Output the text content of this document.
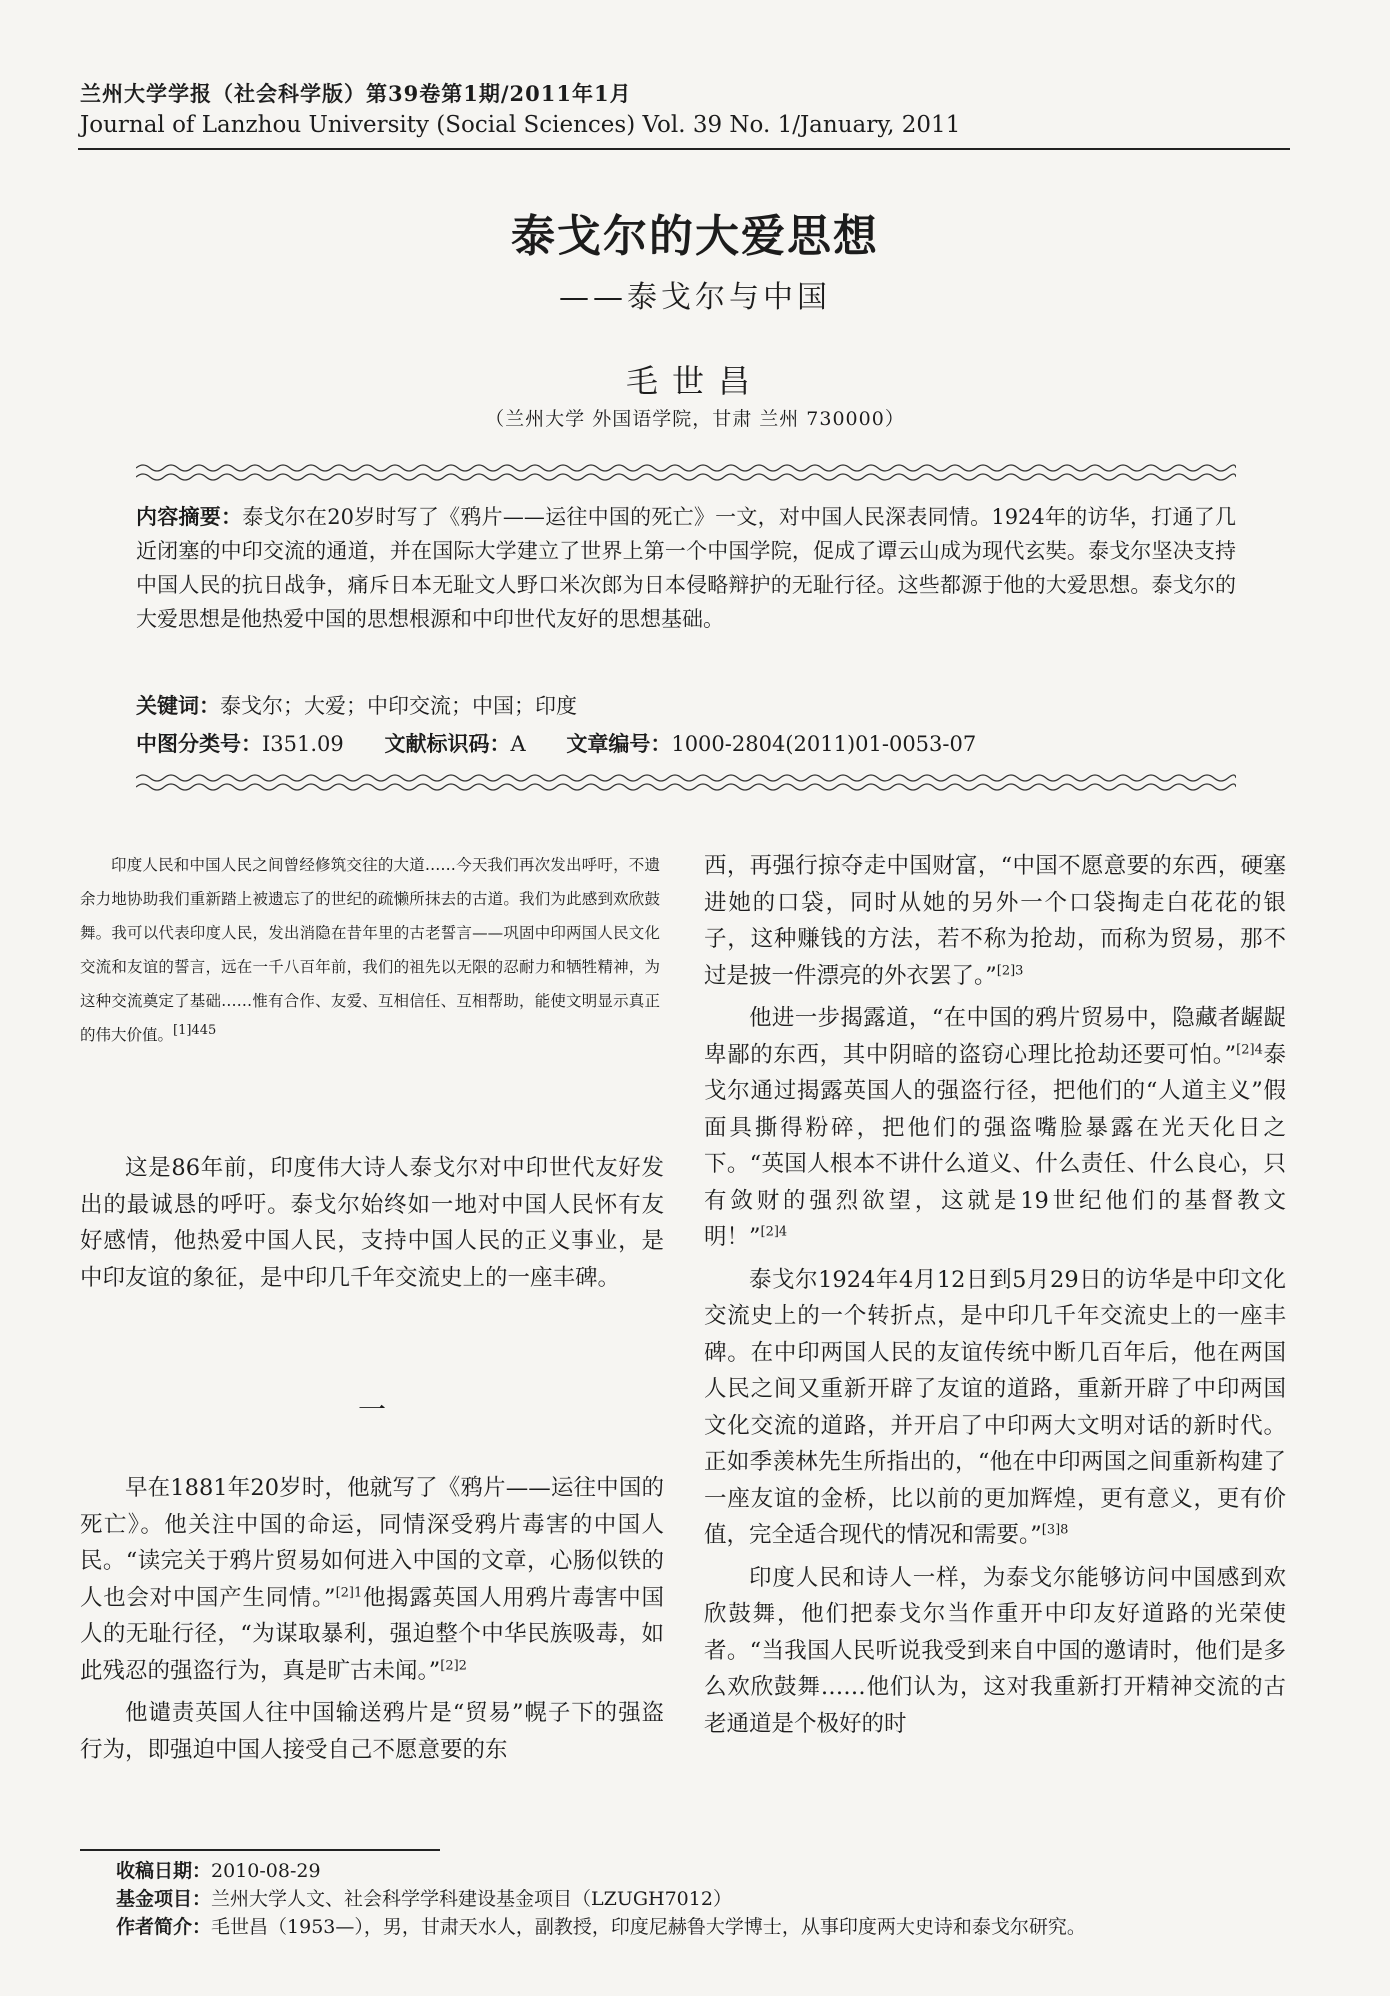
兰州大学学报（社会科学版）第39卷第1期/2011年1月
Journal of Lanzhou University (Social Sciences) Vol. 39 No. 1/January, 2011
泰戈尔的大爱思想
——泰戈尔与中国
毛世昌
（兰州大学 外国语学院，甘肃 兰州 730000）
内容摘要：泰戈尔在20岁时写了《鸦片——运往中国的死亡》一文，对中国人民深表同情。1924年的访华，打通了几近闭塞的中印交流的通道，并在国际大学建立了世界上第一个中国学院，促成了谭云山成为现代玄奘。泰戈尔坚决支持中国人民的抗日战争，痛斥日本无耻文人野口米次郎为日本侵略辩护的无耻行径。这些都源于他的大爱思想。泰戈尔的大爱思想是他热爱中国的思想根源和中印世代友好的思想基础。
关键词：泰戈尔；大爱；中印交流；中国；印度
中图分类号：I351.09 文献标识码：A 文章编号：1000-2804(2011)01-0053-07
印度人民和中国人民之间曾经修筑交往的大道……今天我们再次发出呼吁，不遗余力地协助我们重新踏上被遗忘了的世纪的疏懒所抹去的古道。我们为此感到欢欣鼓舞。我可以代表印度人民，发出消隐在昔年里的古老誓言——巩固中印两国人民文化交流和友谊的誓言，远在一千八百年前，我们的祖先以无限的忍耐力和牺牲精神，为这种交流奠定了基础……惟有合作、友爱、互相信任、互相帮助，能使文明显示真正的伟大价值。$^{[1]445}$

这是86年前，印度伟大诗人泰戈尔对中印世代友好发出的最诚恳的呼吁。泰戈尔始终如一地对中国人民怀有友好感情，他热爱中国人民，支持中国人民的正义事业，是中印友谊的象征，是中印几千年交流史上的一座丰碑。

一

早在1881年20岁时，他就写了《鸦片——运往中国的死亡》。他关注中国的命运，同情深受鸦片毒害的中国人民。“读完关于鸦片贸易如何进入中国的文章，心肠似铁的人也会对中国产生同情。”$^{[2]1}$他揭露英国人用鸦片毒害中国人的无耻行径，“为谋取暴利，强迫整个中华民族吸毒，如此残忍的强盗行为，真是旷古未闻。”$^{[2]2}$

他谴责英国人往中国输送鸦片是“贸易”幌子下的强盗行为，即强迫中国人接受自己不愿意要的东

西，再强行掠夺走中国财富，“中国不愿意要的东西，硬塞进她的口袋，同时从她的另外一个口袋掏走白花花的银子，这种赚钱的方法，若不称为抢劫，而称为贸易，那不过是披一件漂亮的外衣罢了。”$^{[2]3}$

他进一步揭露道，“在中国的鸦片贸易中，隐藏者龌龊卑鄙的东西，其中阴暗的盗窃心理比抢劫还要可怕。”$^{[2]4}$泰戈尔通过揭露英国人的强盗行径，把他们的“人道主义”假面具撕得粉碎，把他们的强盗嘴脸暴露在光天化日之下。“英国人根本不讲什么道义、什么责任、什么良心，只有敛财的强烈欲望，这就是19世纪他们的基督教文明！”$^{[2]4}$

泰戈尔1924年4月12日到5月29日的访华是中印文化交流史上的一个转折点，是中印几千年交流史上的一座丰碑。在中印两国人民的友谊传统中断几百年后，他在两国人民之间又重新开辟了友谊的道路，重新开辟了中印两国文化交流的道路，并开启了中印两大文明对话的新时代。正如季羡林先生所指出的，“他在中印两国之间重新构建了一座友谊的金桥，比以前的更加辉煌，更有意义，更有价值，完全适合现代的情况和需要。”$^{[3]8}$

印度人民和诗人一样，为泰戈尔能够访问中国感到欢欣鼓舞，他们把泰戈尔当作重开中印友好道路的光荣使者。“当我国人民听说我受到来自中国的邀请时，他们是多么欢欣鼓舞……他们认为，这对我重新打开精神交流的古老通道是个极好的时

收稿日期：2010-08-29
基金项目：兰州大学人文、社会科学学科建设基金项目（LZUGH7012）
作者简介：毛世昌（1953—），男，甘肃天水人，副教授，印度尼赫鲁大学博士，从事印度两大史诗和泰戈尔研究。
